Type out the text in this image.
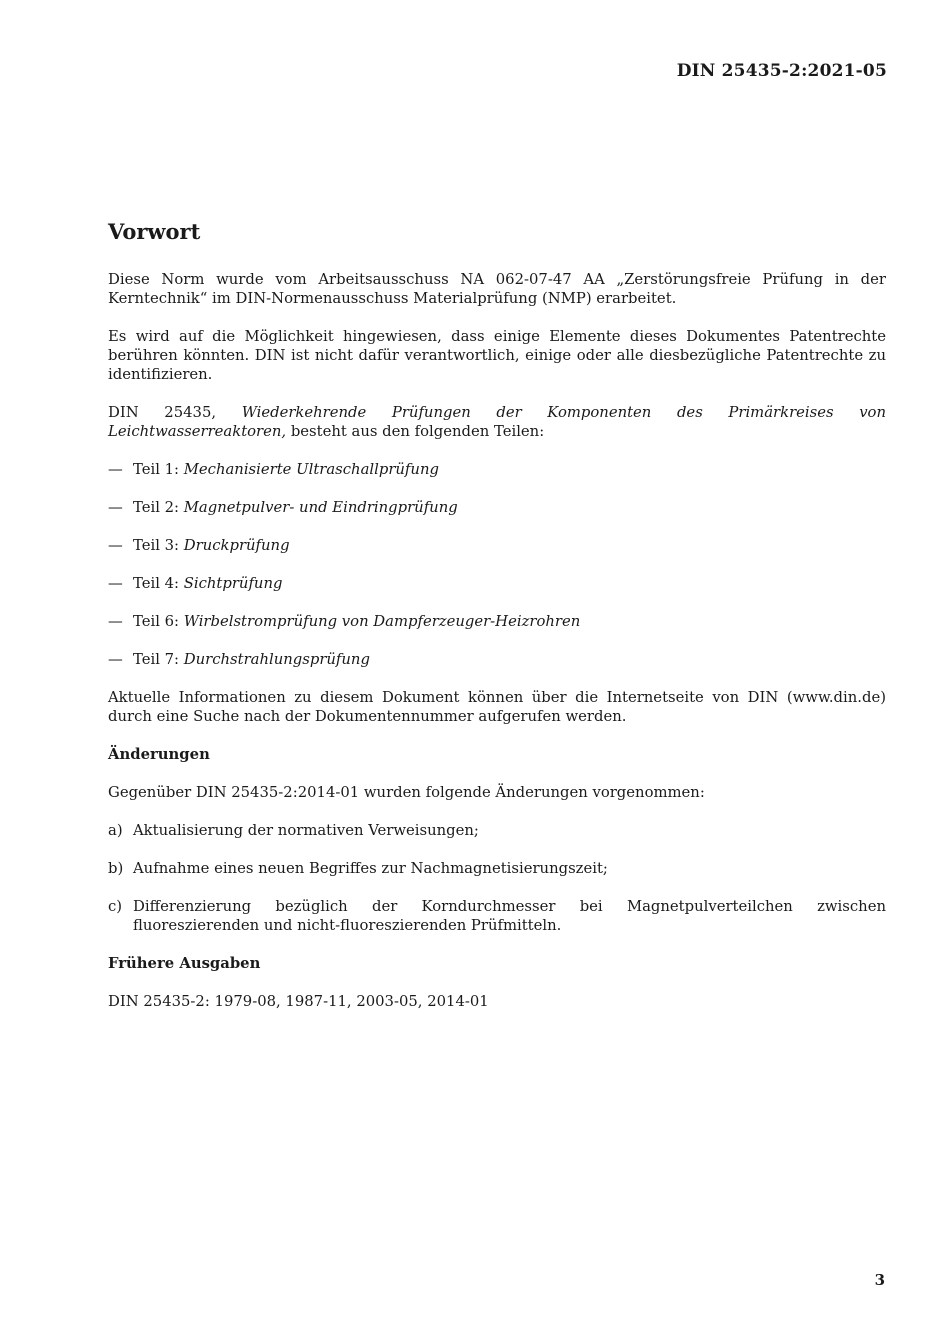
DIN 25435-2:2021-05
Vorwort

Diese Norm wurde vom Arbeitsausschuss NA 062-07-47 AA „Zerstörungsfreie Prüfung in der Kerntechnik“ im DIN-Normenausschuss Materialprüfung (NMP) erarbeitet.

Es wird auf die Möglichkeit hingewiesen, dass einige Elemente dieses Dokumentes Patentrechte berühren könnten. DIN ist nicht dafür verantwortlich, einige oder alle diesbezügliche Patentrechte zu identifizieren.

DIN 25435, Wiederkehrende Prüfungen der Komponenten des Primärkreises von Leichtwasserreaktoren, besteht aus den folgenden Teilen:

— Teil 1: Mechanisierte Ultraschallprüfung
— Teil 2: Magnetpulver- und Eindringprüfung
— Teil 3: Druckprüfung
— Teil 4: Sichtprüfung
— Teil 6: Wirbelstromprüfung von Dampferzeuger-Heizrohren
— Teil 7: Durchstrahlungsprüfung

Aktuelle Informationen zu diesem Dokument können über die Internetseite von DIN (www.din.de) durch eine Suche nach der Dokumentennummer aufgerufen werden.

Änderungen

Gegenüber DIN 25435-2:2014-01 wurden folgende Änderungen vorgenommen:

a) Aktualisierung der normativen Verweisungen;
b) Aufnahme eines neuen Begriffes zur Nachmagnetisierungszeit;
c) Differenzierung bezüglich der Korndurchmesser bei Magnetpulverteilchen zwischen fluoreszierenden und nicht-fluoreszierenden Prüfmitteln.
Frühere Ausgaben

DIN 25435-2: 1979-08, 1987-11, 2003-05, 2014-01

3
